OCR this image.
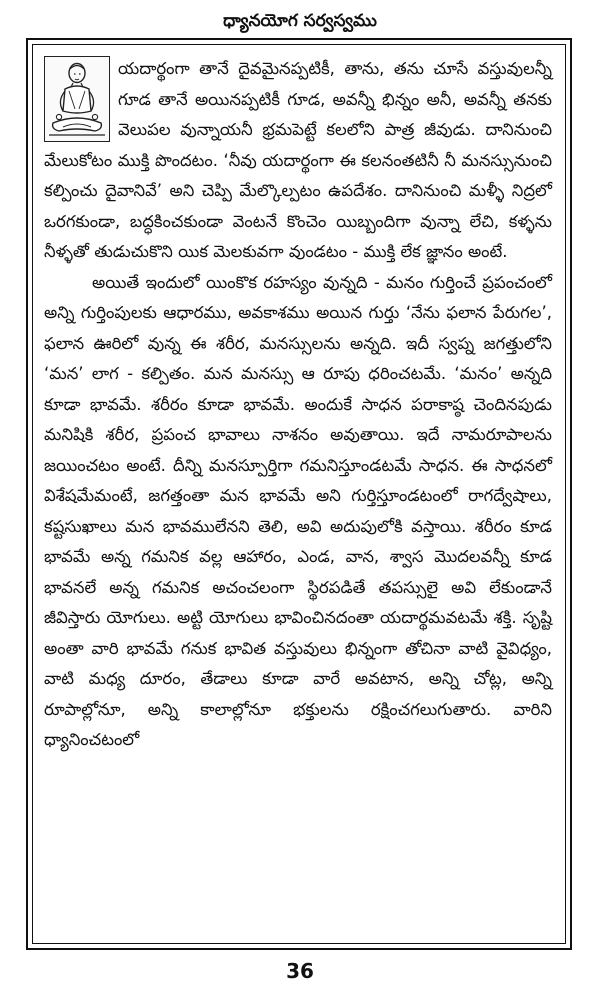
ధ్యానయోగ సర్వస్వము

యదార్థంగా తానే దైవమైనప్పటికీ, తాను, తను చూసే వస్తువులన్నీ గూడ తానే అయినప్పటికీ గూడ, అవన్నీ భిన్నం అనీ, అవన్నీ తనకు వెలుపల వున్నాయనీ భ్రమపెట్టే కలలోని పాత్ర జీవుడు. దానినుంచి మేలుకోటం ముక్తి పొందటం. ‘నీవు యదార్థంగా ఈ కలనంతటినీ నీ మనస్సునుంచి కల్పించు దైవానివే’ అని చెప్పి మేల్కొల్పటం ఉపదేశం. దానినుంచి మళ్ళీ నిద్రలో ఒరగకుండా, బద్ధకించకుండా వెంటనే కొంచెం యిబ్బందిగా వున్నా లేచి, కళ్ళను నీళ్ళతో తుడుచుకొని యిక మెలకువగా వుండటం - ముక్తి లేక జ్ఞానం అంటే.

అయితే ఇందులో యింకొక రహస్యం వున్నది - మనం గుర్తించే ప్రపంచంలో అన్ని గుర్తింపులకు ఆధారము, అవకాశము అయిన గుర్తు ‘నేను ఫలాన పేరుగల’, ఫలాన ఊరిలో వున్న ఈ శరీర, మనస్సులను అన్నది. ఇదీ స్వప్న జగత్తులోని ‘మన’ లాగ - కల్పితం. మన మనస్సు ఆ రూపు ధరించటమే. ‘మనం’ అన్నది కూడా భావమే. శరీరం కూడా భావమే. అందుకే సాధన పరాకాష్ఠ చెందినపుడు మనిషికి శరీర, ప్రపంచ భావాలు నాశనం అవుతాయి. ఇదే నామరూపాలను జయించటం అంటే. దీన్ని మనస్పూర్తిగా గమనిస్తూండటమే సాధన. ఈ సాధనలో విశేషమేమంటే, జగత్తంతా మన భావమే అని గుర్తిస్తూండటంలో రాగద్వేషాలు, కష్టసుఖాలు మన భావములేనని తెలి, అవి అదుపులోకి వస్తాయి. శరీరం కూడ భావమే అన్న గమనిక వల్ల ఆహారం, ఎండ, వాన, శ్వాస మొదలవన్నీ కూడ భావనలే అన్న గమనిక అచంచలంగా స్థిరపడితే తపస్సులై అవి లేకుండానే జీవిస్తారు యోగులు. అట్టి యోగులు భావించినదంతా యదార్థమవటమే శక్తి. సృష్టి అంతా వారి భావమే గనుక భావిత వస్తువులు భిన్నంగా తోచినా వాటి వైవిధ్యం, వాటి మధ్య దూరం, తేడాలు కూడా వారే అవటాన, అన్ని చోట్ల, అన్ని రూపాల్లోనూ, అన్ని కాలాల్లోనూ భక్తులను రక్షించగలుగుతారు. వారిని ధ్యానించటంలో

36
